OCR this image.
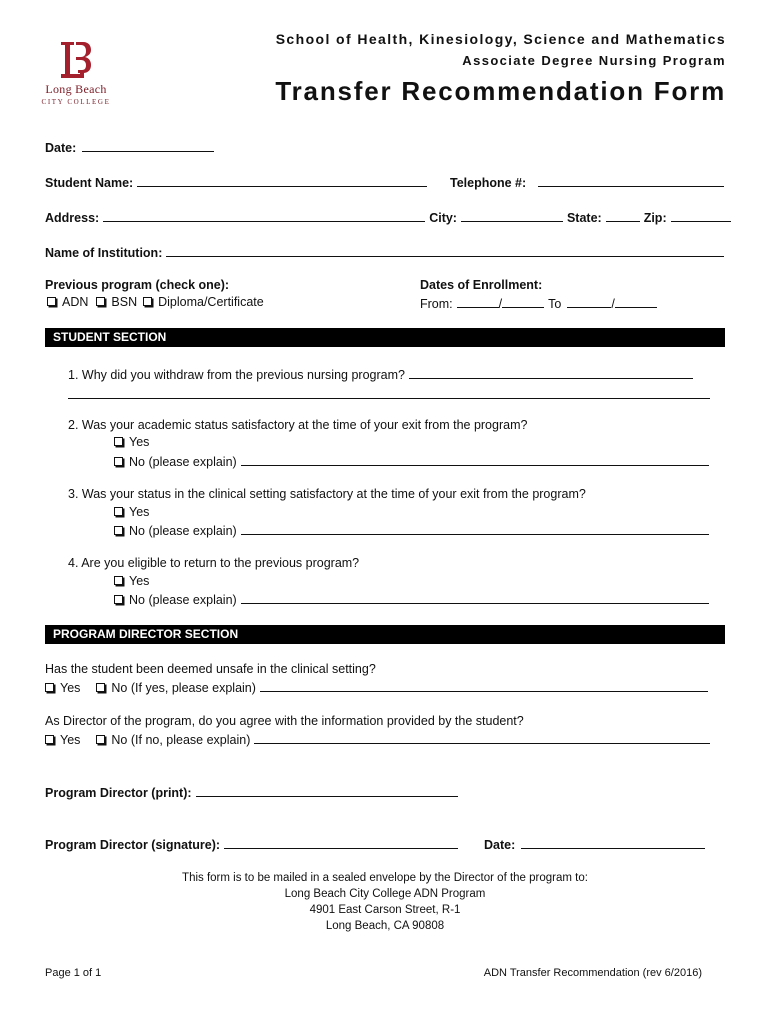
Long Beach
CITY COLLEGE
School of Health, Kinesiology, Science and Mathematics
Associate Degree Nursing Program
Transfer Recommendation Form
Date:
Student Name:	Telephone #:
Address:	City:	State:	Zip:
Name of Institution:
Previous program (check one):
ADN BSN Diploma/Certificate
Dates of Enrollment:
From:	/	To	/
STUDENT SECTION
1. Why did you withdraw from the previous nursing program?
2. Was your academic status satisfactory at the time of your exit from the program?
Yes
No (please explain)
3. Was your status in the clinical setting satisfactory at the time of your exit from the program?
Yes
No (please explain)
4. Are you eligible to return to the previous program?
Yes
No (please explain)
PROGRAM DIRECTOR SECTION
Has the student been deemed unsafe in the clinical setting?
Yes No (If yes, please explain)
As Director of the program, do you agree with the information provided by the student?
Yes No (If no, please explain)
Program Director (print):
Program Director (signature):	Date:
This form is to be mailed in a sealed envelope by the Director of the program to:
Long Beach City College ADN Program
4901 East Carson Street, R-1
Long Beach, CA 90808
Page 1 of 1	ADN Transfer Recommendation (rev 6/2016)
